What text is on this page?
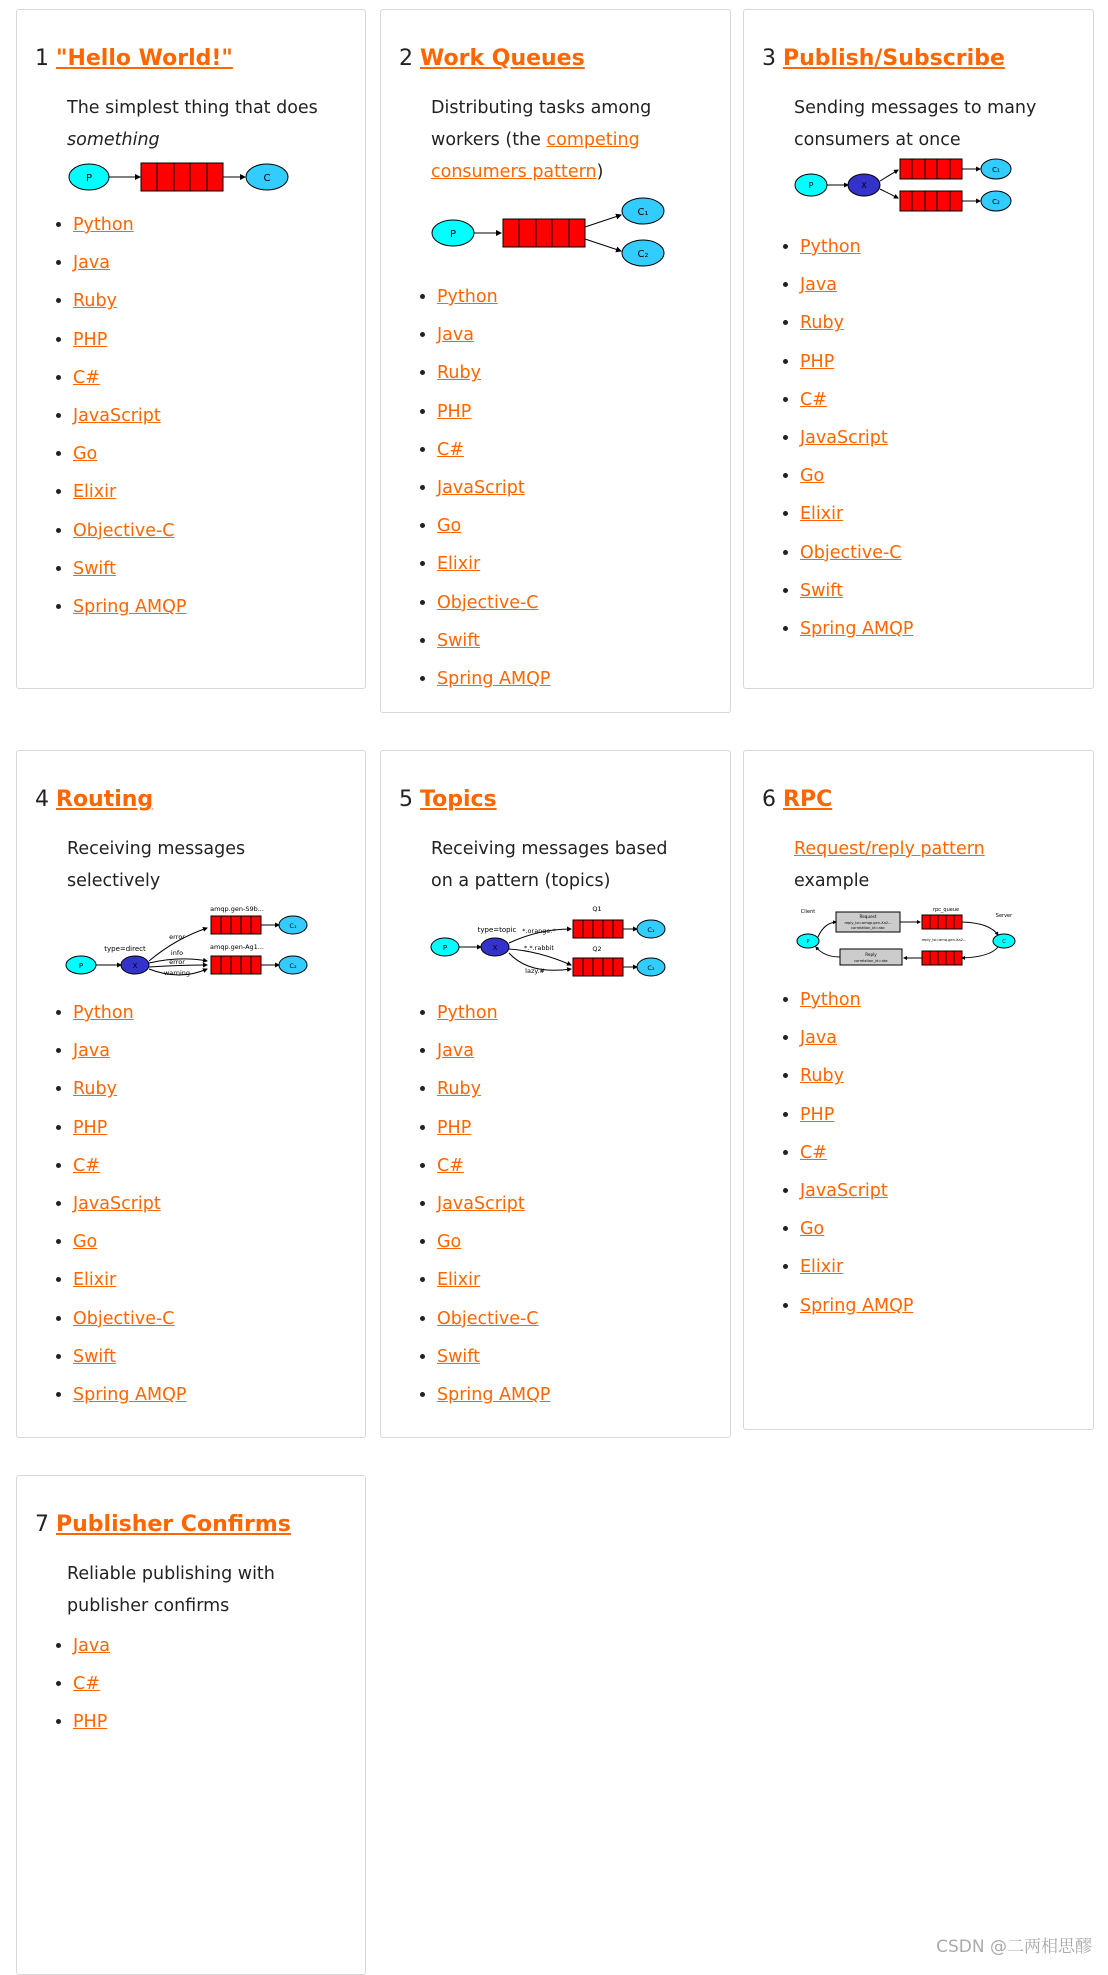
1 "Hello World!"
The simplest thing that does
something
P	C
• Python
• Java
• Ruby
• PHP
• C#
• JavaScript
• Go
• Elixir
• Objective-C
• Swift
• Spring AMQP
2 Work Queues
Distributing tasks among workers (the competing consumers pattern)
P
C₁
C₂
• Python
• Java
• Ruby
• PHP
• C#
• JavaScript
• Go
• Elixir
• Objective-C
• Swift
• Spring AMQP
3 Publish/Subscribe
Sending messages to many consumers at once
P	X
C₁
C₂
• Python
• Java
• Ruby
• PHP
• C#
• JavaScript
• Go
• Elixir
• Objective-C
• Swift
• Spring AMQP
4 Routing
Receiving messages selectively
P	X
type=direct
error
info
error
warning
amqp.gen-S9b...
amqp.gen-Ag1...
C₁
C₂
• Python
• Java
• Ruby
• PHP
• C#
• JavaScript
• Go
• Elixir
• Objective-C
• Swift
• Spring AMQP
5 Topics
Receiving messages based on a pattern (topics)
P	X
type=topic *.orange.*
*.*.rabbit
lazy.#
Q1
Q2
C₁
C₂
• Python
• Java
• Ruby
• PHP
• C#
• JavaScript
• Go
• Elixir
• Objective-C
• Swift
• Spring AMQP
6 RPC
Request/reply pattern
example
Client
P
Request
reply_to=amqp.gen-Xa2...
correlation_id=abc
rpc_queue
Server
C
reply_to=amq.gen-Xa2...
Reply
correlation_id=abc
• Python
• Java
• Ruby
• PHP
• C#
• JavaScript
• Go
• Elixir
• Spring AMQP
7 Publisher Confirms
Reliable publishing with publisher confirms
• Java
• C#
• PHP
CSDN @二两相思醪
